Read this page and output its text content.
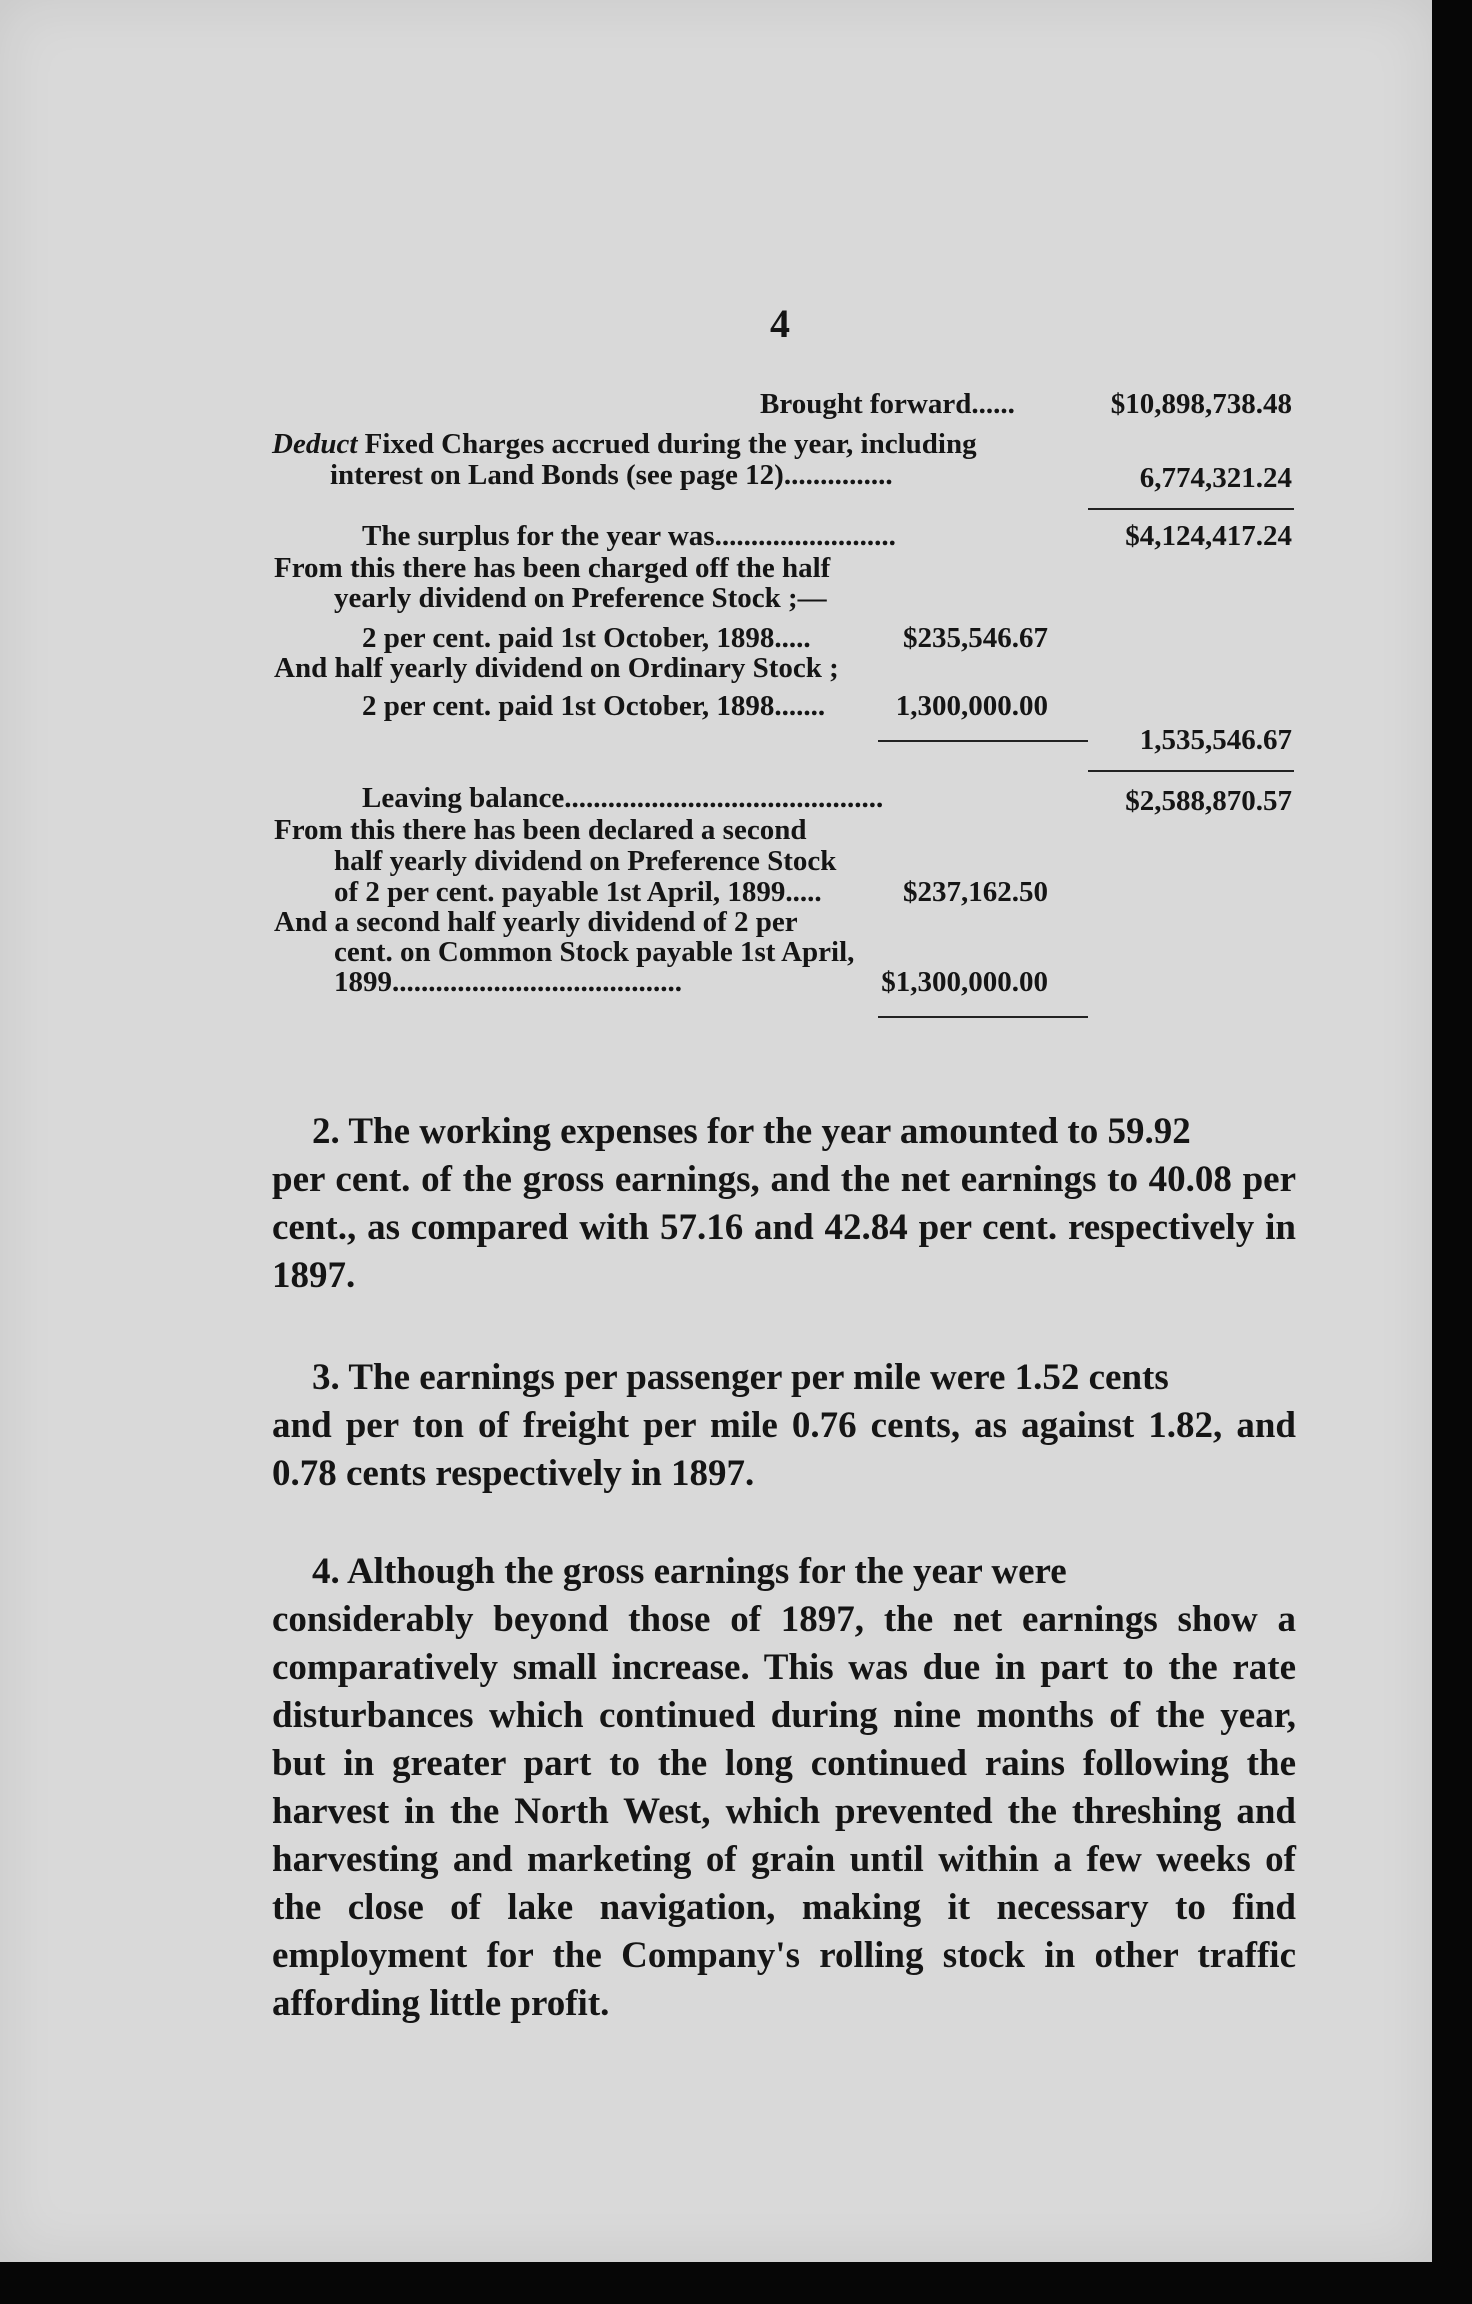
4
Brought forward......	$10,898,738.48
Deduct Fixed Charges accrued during the year, including
interest on Land Bonds (see page 12)...............	6,774,321.24
The surplus for the year was.........................	$4,124,417.24
From this there has been charged off the half
yearly dividend on Preference Stock ;—
2 per cent. paid 1st October, 1898.....	$235,546.67
And half yearly dividend on Ordinary Stock ;
2 per cent. paid 1st October, 1898....... 1,300,000.00
1,535,546.67
Leaving balance............................................	$2,588,870.57
From this there has been declared a second
half yearly dividend on Preference Stock
of 2 per cent. payable 1st April, 1899.....	$237,162.50
And a second half yearly dividend of 2 per
cent. on Common Stock payable 1st April,
1899........................................	$1,300,000.00
2. The working expenses for the year amounted to 59.92
per cent. of the gross earnings, and the net earnings to 40.08 per cent., as compared with 57.16 and 42.84 per cent. respectively in 1897.
3. The earnings per passenger per mile were 1.52 cents
and per ton of freight per mile 0.76 cents, as against 1.82, and 0.78 cents respectively in 1897.
4. Although the gross earnings for the year were
considerably beyond those of 1897, the net earnings show a comparatively small increase. This was due in part to the rate disturbances which continued during nine months of the year, but in greater part to the long continued rains following the harvest in the North West, which prevented the threshing and harvesting and marketing of grain until within a few weeks of the close of lake navigation, making it necessary to find employment for the Company's rolling stock in other traffic affording little profit.
